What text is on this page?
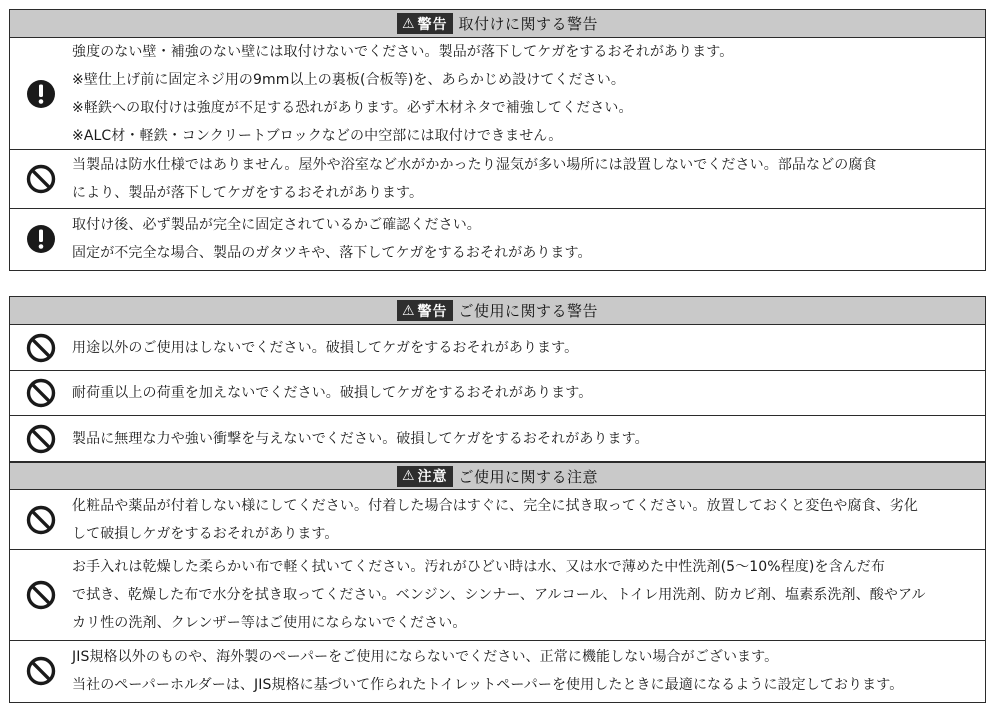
⚠ 警告 取付けに関する警告
強度のない壁・補強のない壁には取付けないでください。製品が落下してケガをするおそれがあります。
※壁仕上げ前に固定ネジ用の9mm以上の裏板(合板等)を、あらかじめ設けてください。
※軽鉄への取付けは強度が不足する恐れがあります。必ず木材ネタで補強してください。
※ALC材・軽鉄・コンクリートブロックなどの中空部には取付けできません。
当製品は防水仕様ではありません。屋外や浴室など水がかかったり湿気が多い場所には設置しないでください。部品などの腐食
により、製品が落下してケガをするおそれがあります。
取付け後、必ず製品が完全に固定されているかご確認ください。
固定が不完全な場合、製品のガタツキや、落下してケガをするおそれがあります。
⚠ 警告 ご使用に関する警告
用途以外のご使用はしないでください。破損してケガをするおそれがあります。
耐荷重以上の荷重を加えないでください。破損してケガをするおそれがあります。
製品に無理な力や強い衝撃を与えないでください。破損してケガをするおそれがあります。
⚠ 注意 ご使用に関する注意
化粧品や薬品が付着しない様にしてください。付着した場合はすぐに、完全に拭き取ってください。放置しておくと変色や腐食、劣化
して破損しケガをするおそれがあります。
お手入れは乾燥した柔らかい布で軽く拭いてください。汚れがひどい時は水、又は水で薄めた中性洗剤(5〜10%程度)を含んだ布
で拭き、乾燥した布で水分を拭き取ってください。ベンジン、シンナー、アルコール、トイレ用洗剤、防カビ剤、塩素系洗剤、酸やアル
カリ性の洗剤、クレンザー等はご使用にならないでください。
JIS規格以外のものや、海外製のペーパーをご使用にならないでください、正常に機能しない場合がございます。
当社のペーパーホルダーは、JIS規格に基づいて作られたトイレットペーパーを使用したときに最適になるように設定しております。
